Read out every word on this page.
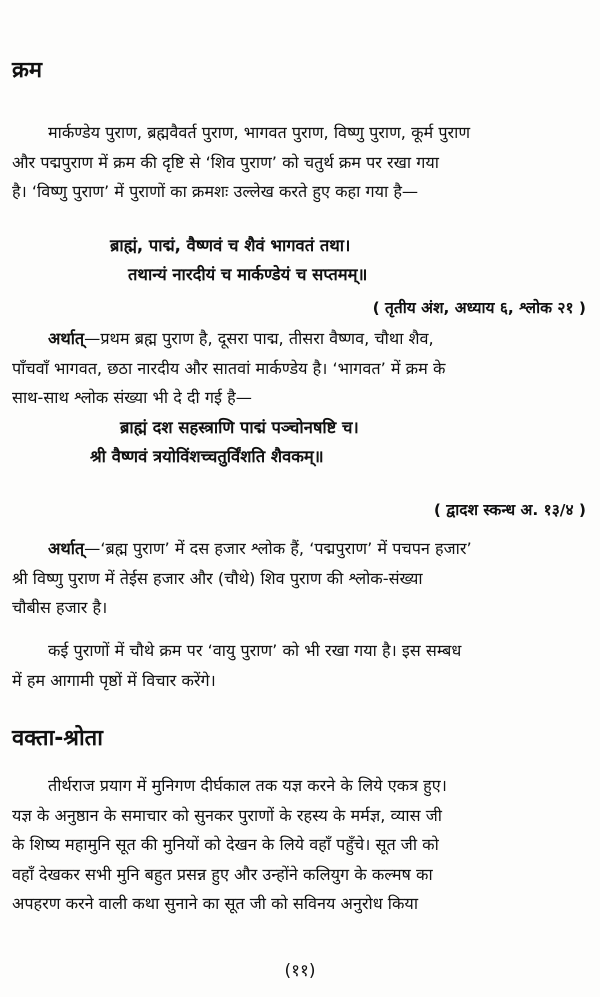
क्रम
मार्कण्डेय पुराण, ब्रह्मवैवर्त पुराण, भागवत पुराण, विष्णु पुराण, कूर्म पुराण
और पद्मपुराण में क्रम की दृष्टि से ‘शिव पुराण’ को चतुर्थ क्रम पर रखा गया
है। ‘विष्णु पुराण’ में पुराणों का क्रमशः उल्लेख करते हुए कहा गया है—
ब्राह्मं, पाद्मं, वैष्णवं च शैवं भागवतं तथा।
तथान्यं नारदीयं च मार्कण्डेयं च सप्तमम्॥
( तृतीय अंश, अध्याय ६, श्लोक २१ )
अर्थात्—प्रथम ब्रह्म पुराण है, दूसरा पाद्म, तीसरा वैष्णव, चौथा शैव,
पाँचवाँ भागवत, छठा नारदीय और सातवां मार्कण्डेय है। ‘भागवत’ में क्रम के
साथ-साथ श्लोक संख्या भी दे दी गई है—
ब्राह्मं दश सहस्त्राणि पाद्मं पञ्चोनषष्टि च।
श्री वैष्णवं त्रयोविंशच्चतुर्विंशति शैवकम्॥
( द्वादश स्कन्ध अ. १३/४ )
अर्थात्—‘ब्रह्म पुराण’ में दस हजार श्लोक हैं, ‘पद्मपुराण’ में पचपन हजार’
श्री विष्णु पुराण में तेईस हजार और (चौथे) शिव पुराण की श्लोक-संख्या
चौबीस हजार है।
कई पुराणों में चौथे क्रम पर ‘वायु पुराण’ को भी रखा गया है। इस सम्बध
में हम आगामी पृष्ठों में विचार करेंगे।
वक्ता-श्रोता
तीर्थराज प्रयाग में मुनिगण दीर्घकाल तक यज्ञ करने के लिये एकत्र हुए।
यज्ञ के अनुष्ठान के समाचार को सुनकर पुराणों के रहस्य के मर्मज्ञ, व्यास जी
के शिष्य महामुनि सूत की मुनियों को देखन के लिये वहाँ पहुँचे। सूत जी को
वहाँ देखकर सभी मुनि बहुत प्रसन्न हुए और उन्होंने कलियुग के कल्मष का
अपहरण करने वाली कथा सुनाने का सूत जी को सविनय अनुरोध किया
(११)
